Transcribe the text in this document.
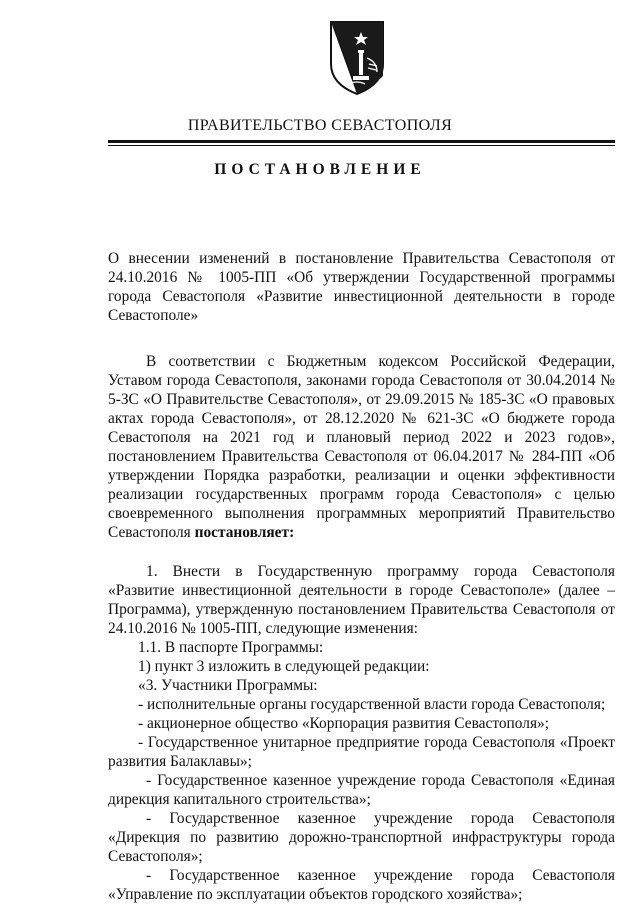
ПРАВИТЕЛЬСТВО СЕВАСТОПОЛЯ
ПОСТАНОВЛЕНИЕ
О внесении изменений в постановление Правительства Севастополя от 24.10.2016 № 1005-ПП «Об утверждении Государственной программы города Севастополя «Развитие инвестиционной деятельности в городе Севастополе»

В соответствии с Бюджетным кодексом Российской Федерации, Уставом города Севастополя, законами города Севастополя от 30.04.2014 № 5-ЗС «О Правительстве Севастополя», от 29.09.2015 № 185-ЗС «О правовых актах города Севастополя», от 28.12.2020 № 621-ЗС «О бюджете города Севастополя на 2021 год и плановый период 2022 и 2023 годов», постановлением Правительства Севастополя от 06.04.2017 № 284-ПП «Об утверждении Порядка разработки, реализации и оценки эффективности реализации государственных программ города Севастополя» с целью своевременного выполнения программных мероприятий Правительство Севастополя постановляет:

1. Внести в Государственную программу города Севастополя «Развитие инвестиционной деятельности в городе Севастополе» (далее – Программа), утвержденную постановлением Правительства Севастополя от 24.10.2016 № 1005-ПП, следующие изменения:

1.1. В паспорте Программы:

1) пункт 3 изложить в следующей редакции:

«3. Участники Программы:

- исполнительные органы государственной власти города Севастополя;

- акционерное общество «Корпорация развития Севастополя»;

- Государственное унитарное предприятие города Севастополя «Проект развития Балаклавы»;

- Государственное казенное учреждение города Севастополя «Единая дирекция капитального строительства»;

- Государственное казенное учреждение города Севастополя «Дирекция по развитию дорожно-транспортной инфраструктуры города Севастополя»;

- Государственное казенное учреждение города Севастополя «Управление по эксплуатации объектов городского хозяйства»;
